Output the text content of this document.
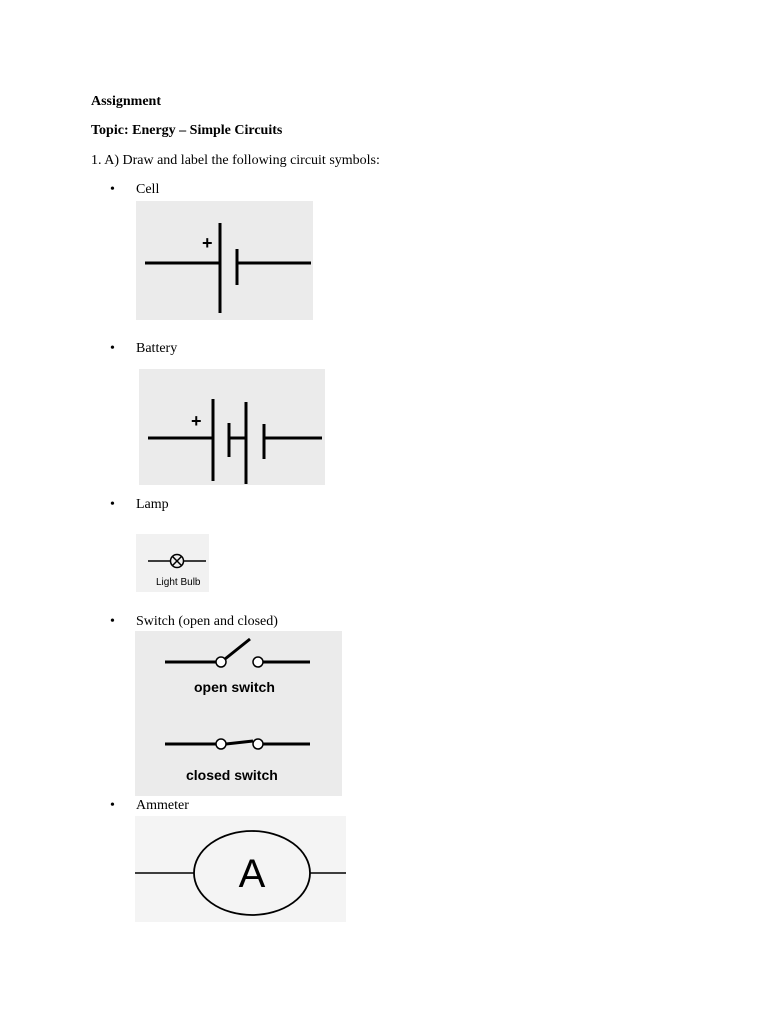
Assignment
Topic: Energy – Simple Circuits
1. A) Draw and label the following circuit symbols:
• Cell
+
• Battery
+
• Lamp
Light Bulb
• Switch (open and closed)
open switch
closed switch
• Ammeter
A
